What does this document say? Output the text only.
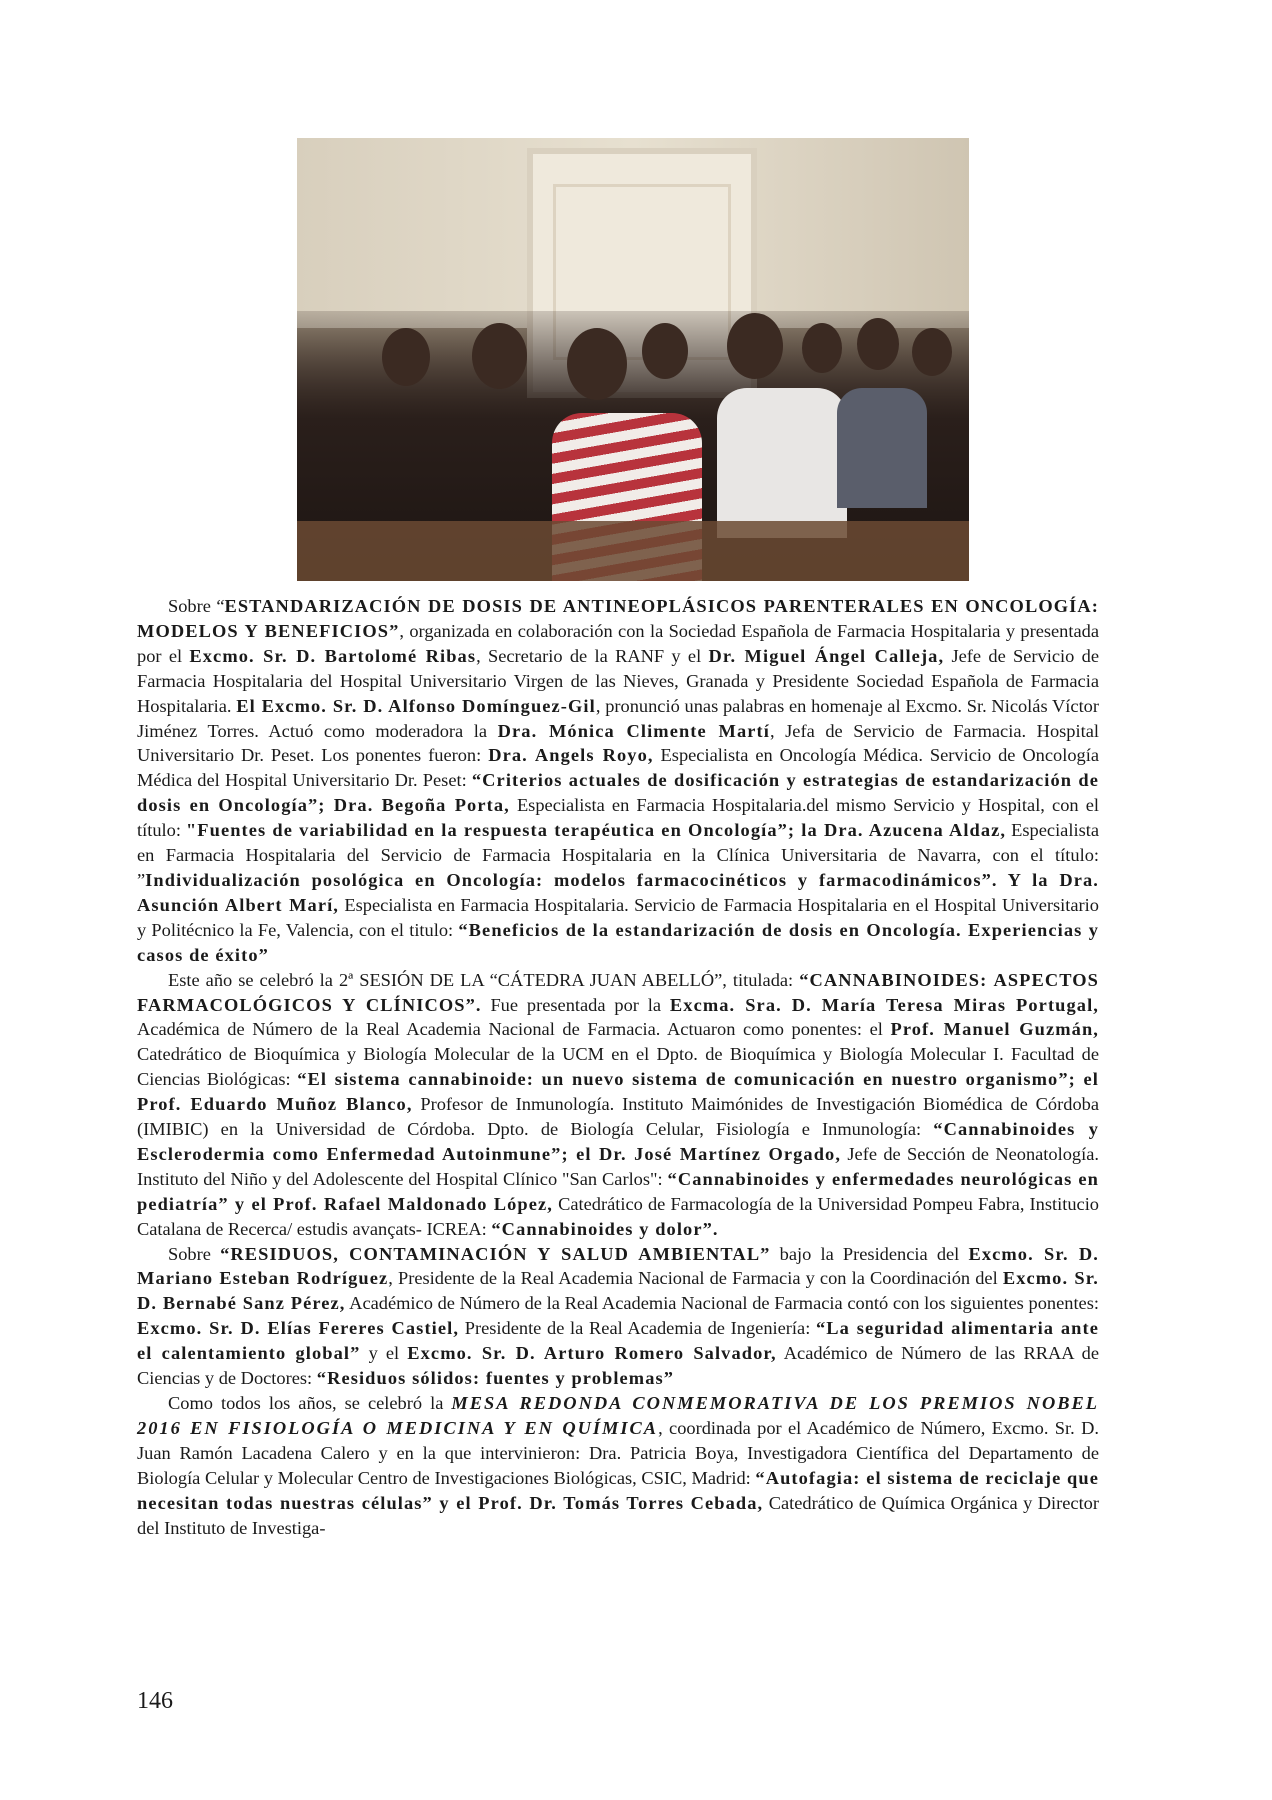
Sobre “ESTANDARIZACIÓN DE DOSIS DE ANTINEOPLÁSICOS PARENTERALES EN ONCOLOGÍA: MODELOS Y BENEFICIOS”, organizada en colaboración con la Sociedad Española de Farmacia Hospitalaria y presentada por el Excmo. Sr. D. Bartolomé Ribas, Secretario de la RANF y el Dr. Miguel Ángel Calleja, Jefe de Servicio de Farmacia Hospitalaria del Hospital Universitario Virgen de las Nieves, Granada y Presidente Sociedad Española de Farmacia Hospitalaria. El Excmo. Sr. D. Alfonso Domínguez-Gil, pronunció unas palabras en homenaje al Excmo. Sr. Nicolás Víctor Jiménez Torres. Actuó como moderadora la Dra. Mónica Climente Martí, Jefa de Servicio de Farmacia. Hospital Universitario Dr. Peset. Los ponentes fueron: Dra. Angels Royo, Especialista en Oncología Médica. Servicio de Oncología Médica del Hospital Universitario Dr. Peset: “Criterios actuales de dosificación y estrategias de estandarización de dosis en Oncología”; Dra. Begoña Porta, Especialista en Farmacia Hospitalaria.del mismo Servicio y Hospital, con el título: "Fuentes de variabilidad en la respuesta terapéutica en Oncología”; la Dra. Azucena Aldaz, Especialista en Farmacia Hospitalaria del Servicio de Farmacia Hospitalaria en la Clínica Universitaria de Navarra, con el título: ”Individualización posológica en Oncología: modelos farmacocinéticos y farmacodinámicos”. Y la Dra. Asunción Albert Marí, Especialista en Farmacia Hospitalaria. Servicio de Farmacia Hospitalaria en el Hospital Universitario y Politécnico la Fe, Valencia, con el titulo: “Beneficios de la estandarización de dosis en Oncología. Experiencias y casos de éxito”

Este año se celebró la 2ª SESIÓN DE LA “CÁTEDRA JUAN ABELLÓ”, titulada: “CANNABINOIDES: ASPECTOS FARMACOLÓGICOS Y CLÍNICOS”. Fue presentada por la Excma. Sra. D. María Teresa Miras Portugal, Académica de Número de la Real Academia Nacional de Farmacia. Actuaron como ponentes: el Prof. Manuel Guzmán, Catedrático de Bioquímica y Biología Molecular de la UCM en el Dpto. de Bioquímica y Biología Molecular I. Facultad de Ciencias Biológicas: “El sistema cannabinoide: un nuevo sistema de comunicación en nuestro organismo”; el Prof. Eduardo Muñoz Blanco, Profesor de Inmunología. Instituto Maimónides de Investigación Biomédica de Córdoba (IMIBIC) en la Universidad de Córdoba. Dpto. de Biología Celular, Fisiología e Inmunología: “Cannabinoides y Esclerodermia como Enfermedad Autoinmune”; el Dr. José Martínez Orgado, Jefe de Sección de Neonatología. Instituto del Niño y del Adolescente del Hospital Clínico "San Carlos": “Cannabinoides y enfermedades neurológicas en pediatría” y el Prof. Rafael Maldonado López, Catedrático de Farmacología de la Universidad Pompeu Fabra, Institucio Catalana de Recerca/ estudis avançats- ICREA: “Cannabinoides y dolor”.

Sobre “RESIDUOS, CONTAMINACIÓN Y SALUD AMBIENTAL” bajo la Presidencia del Excmo. Sr. D. Mariano Esteban Rodríguez, Presidente de la Real Academia Nacional de Farmacia y con la Coordinación del Excmo. Sr. D. Bernabé Sanz Pérez, Académico de Número de la Real Academia Nacional de Farmacia contó con los siguientes ponentes: Excmo. Sr. D. Elías Fereres Castiel, Presidente de la Real Academia de Ingeniería: “La seguridad alimentaria ante el calentamiento global” y el Excmo. Sr. D. Arturo Romero Salvador, Académico de Número de las RRAA de Ciencias y de Doctores: “Residuos sólidos: fuentes y problemas”

Como todos los años, se celebró la MESA REDONDA CONMEMORATIVA DE LOS PREMIOS NOBEL 2016 EN FISIOLOGÍA O MEDICINA Y EN QUÍMICA, coordinada por el Académico de Número, Excmo. Sr. D. Juan Ramón Lacadena Calero y en la que intervinieron: Dra. Patricia Boya, Investigadora Científica del Departamento de Biología Celular y Molecular Centro de Investigaciones Biológicas, CSIC, Madrid: “Autofagia: el sistema de reciclaje que necesitan todas nuestras células” y el Prof. Dr. Tomás Torres Cebada, Catedrático de Química Orgánica y Director del Instituto de Investiga-

146
